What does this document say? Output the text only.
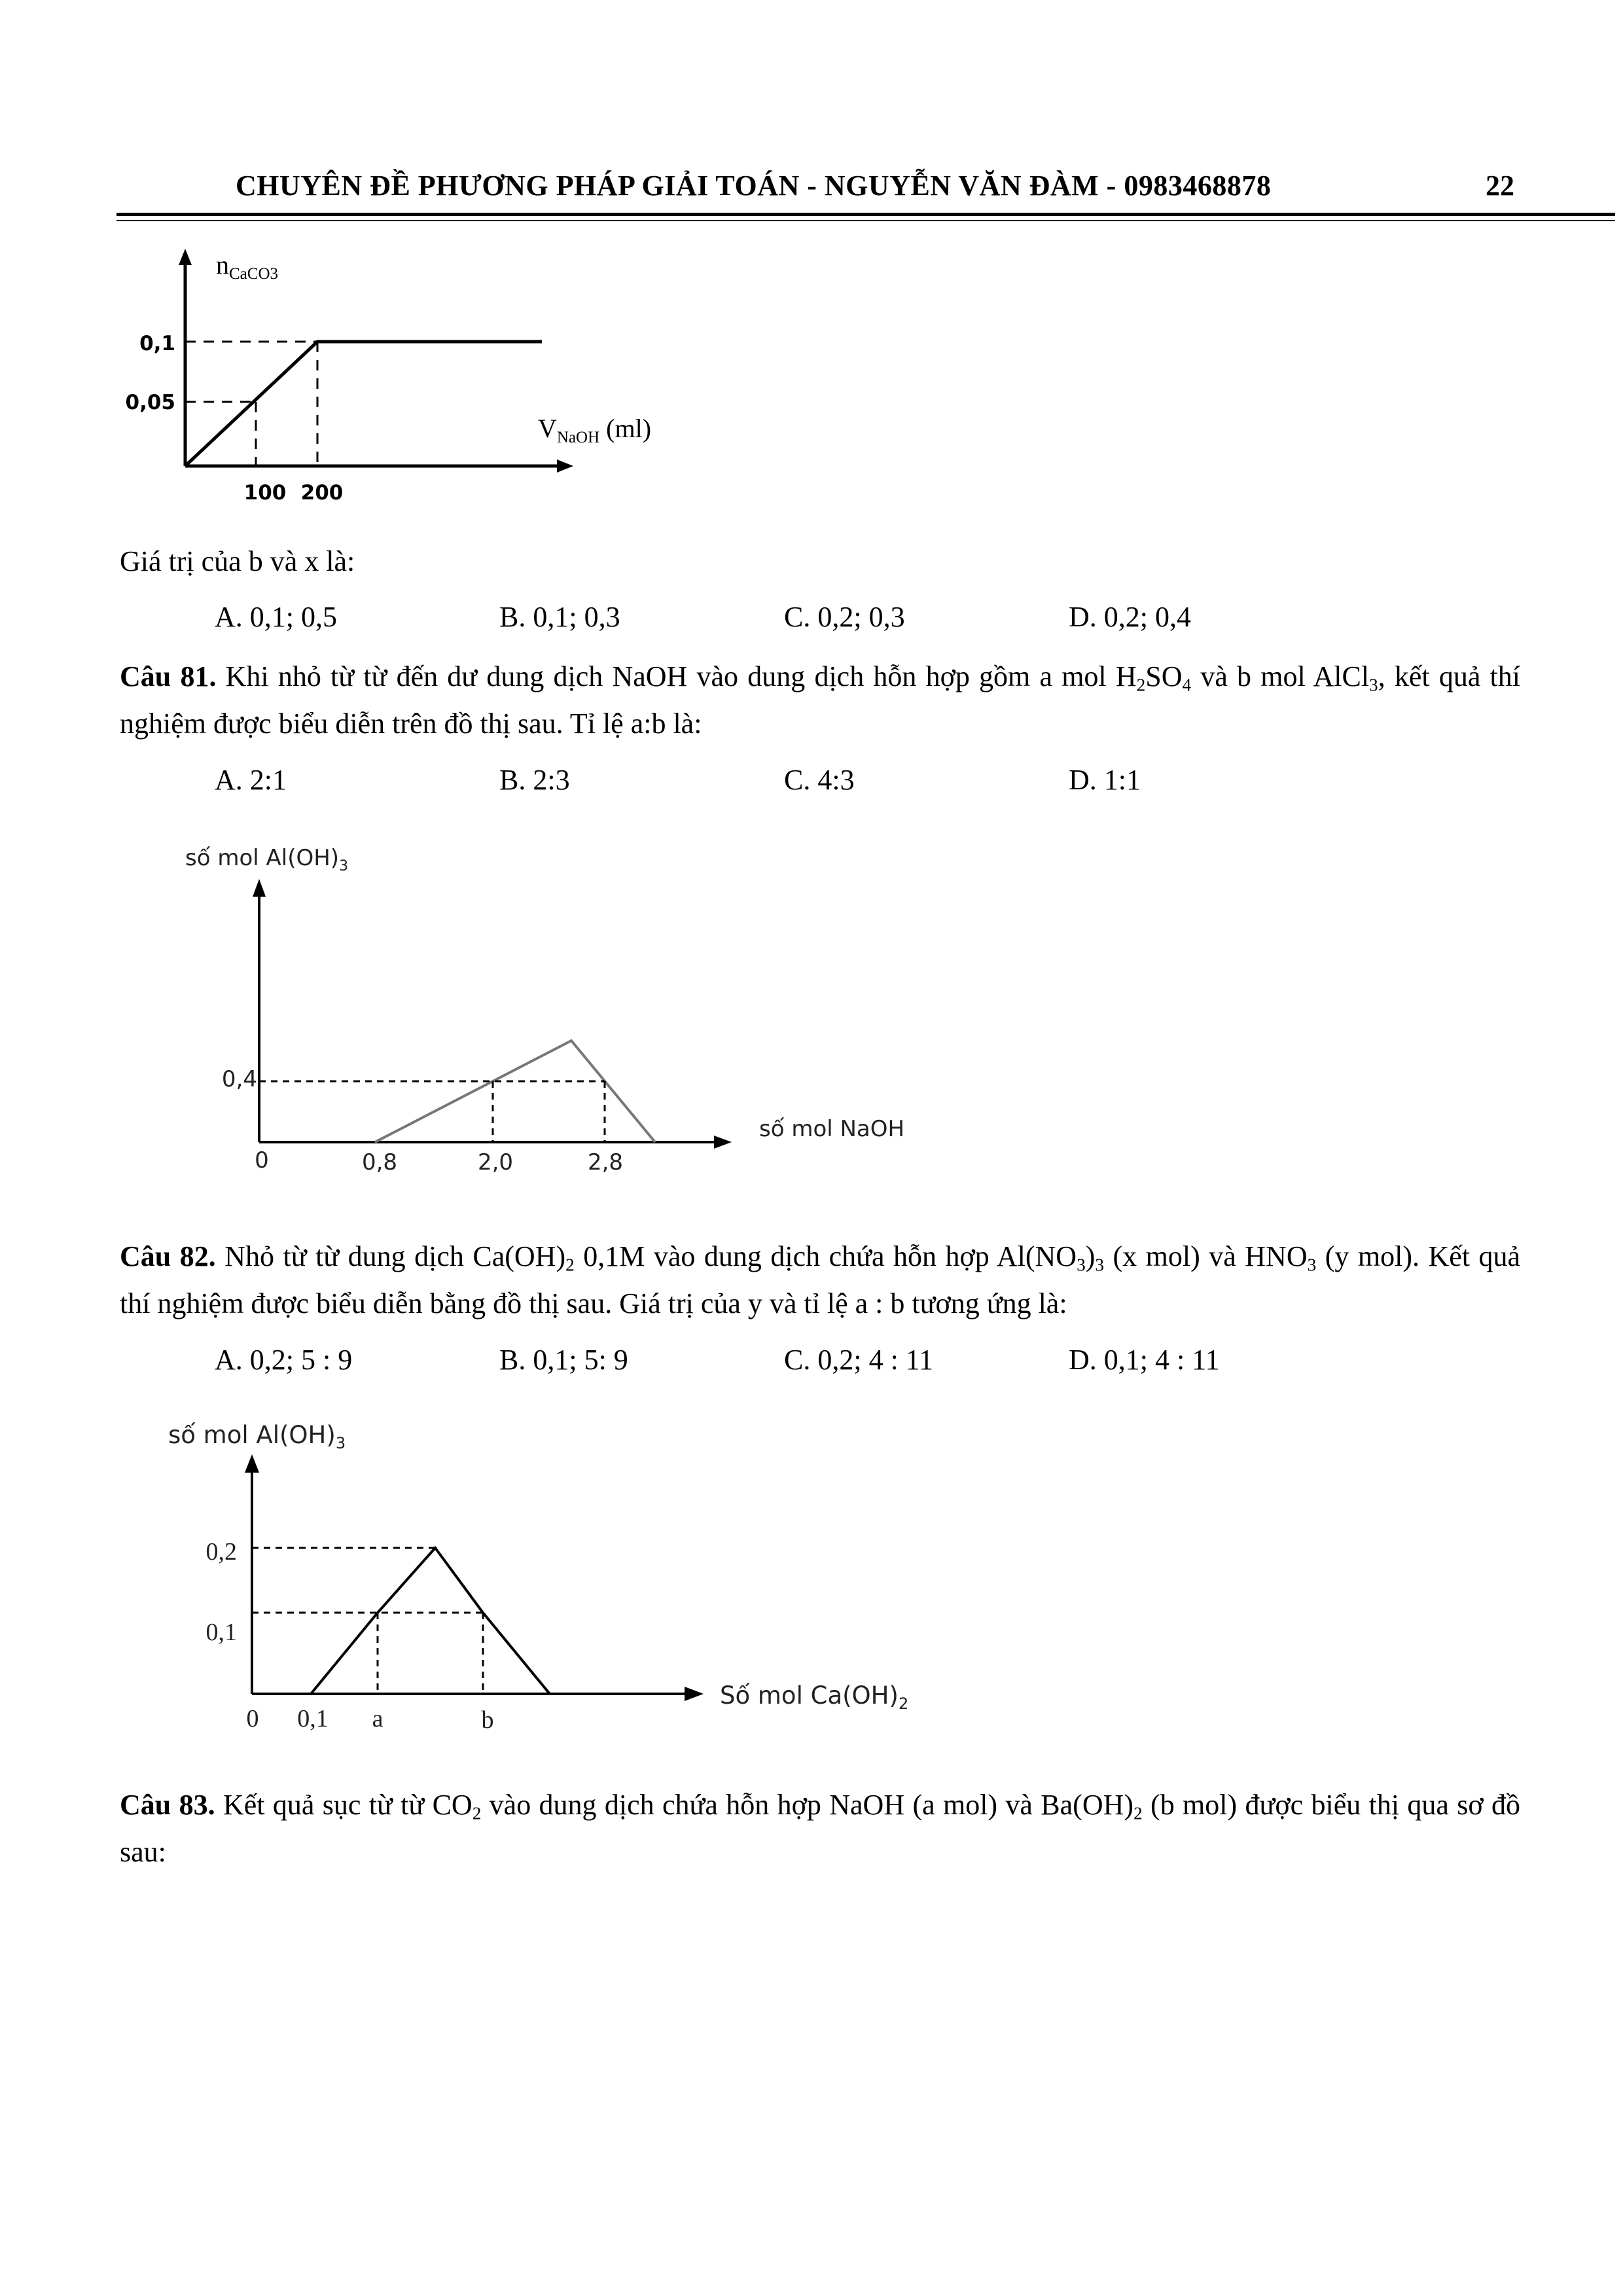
CHUYÊN ĐỀ PHƯƠNG PHÁP GIẢI TOÁN - NGUYỄN VĂN ĐÀM - 0983468878	22
$n_{CaCO3}$
0,1
0,05
100 200
$V_{NaOH}$ (ml)
Giá trị của b và x là:
A. 0,1; 0,5	B. 0,1; 0,3	C. 0,2; 0,3	D. 0,2; 0,4
Câu 81. Khi nhỏ từ từ đến dư dung dịch NaOH vào dung dịch hỗn hợp gồm a mol $H_2SO_4$ và b mol AlCl$_3$, kết quả thí nghiệm được biểu diễn trên đồ thị sau. Tỉ lệ a:b là:
A. 2:1	B. 2:3	C. 4:3	D. 1:1
số mol $Al(OH)_3$
0,4
0	0,8	2,0	2,8
số mol NaOH
Câu 82. Nhỏ từ từ dung dịch $Ca(OH)_2$ 0,1M vào dung dịch chứa hỗn hợp $Al(NO_3)_3$ (x mol) và $HNO_3$ (y mol). Kết quả thí nghiệm được biểu diễn bằng đồ thị sau. Giá trị của y và tỉ lệ a : b tương ứng là:
A. 0,2; 5 : 9	B. 0,1; 5: 9	C. 0,2; 4 : 11	D. 0,1; 4 : 11
số mol $Al(OH)_3$
0,2
0,1
0 0,1 a	b
Số mol $Ca(OH)_2$
Câu 83. Kết quả sục từ từ $CO_2$ vào dung dịch chứa hỗn hợp NaOH (a mol) và $Ba(OH)_2$ (b mol) được biểu thị qua sơ đồ sau:
